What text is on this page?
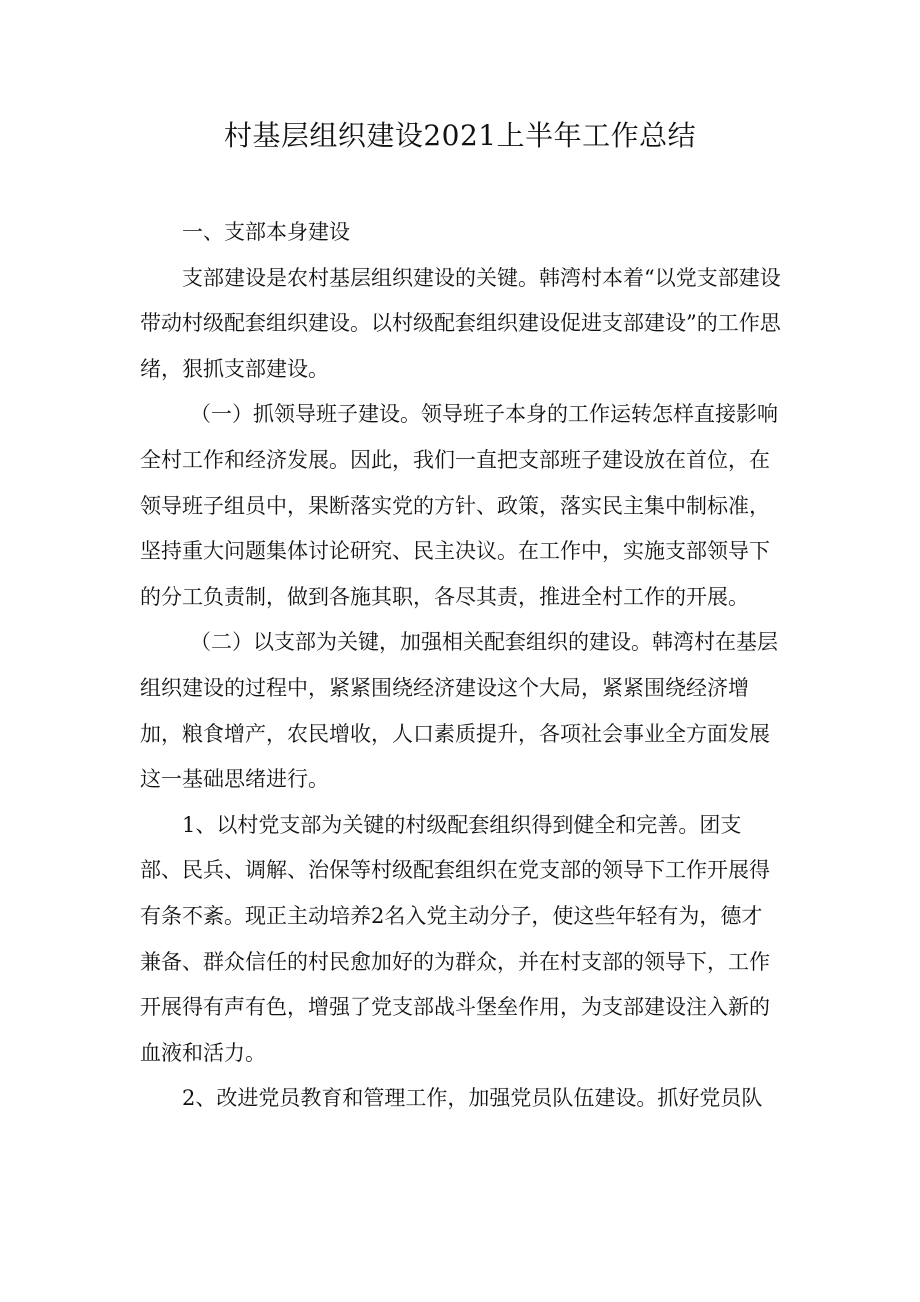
村基层组织建设2021上半年工作总结

一、支部本身建设

支部建设是农村基层组织建设的关键。韩湾村本着“以党支部建设带动村级配套组织建设。以村级配套组织建设促进支部建设”的工作思绪，狠抓支部建设。

（一）抓领导班子建设。领导班子本身的工作运转怎样直接影响全村工作和经济发展。因此，我们一直把支部班子建设放在首位，在领导班子组员中，果断落实党的方针、政策，落实民主集中制标准，坚持重大问题集体讨论研究、民主决议。在工作中，实施支部领导下的分工负责制，做到各施其职，各尽其责，推进全村工作的开展。

（二）以支部为关键，加强相关配套组织的建设。韩湾村在基层组织建设的过程中，紧紧围绕经济建设这个大局，紧紧围绕经济增加，粮食增产，农民增收，人口素质提升，各项社会事业全方面发展这一基础思绪进行。

1、以村党支部为关键的村级配套组织得到健全和完善。团支部、民兵、调解、治保等村级配套组织在党支部的领导下工作开展得有条不紊。现正主动培养2名入党主动分子，使这些年轻有为，德才兼备、群众信任的村民愈加好的为群众，并在村支部的领导下，工作开展得有声有色，增强了党支部战斗堡垒作用，为支部建设注入新的血液和活力。

2、改进党员教育和管理工作，加强党员队伍建设。抓好党员队
